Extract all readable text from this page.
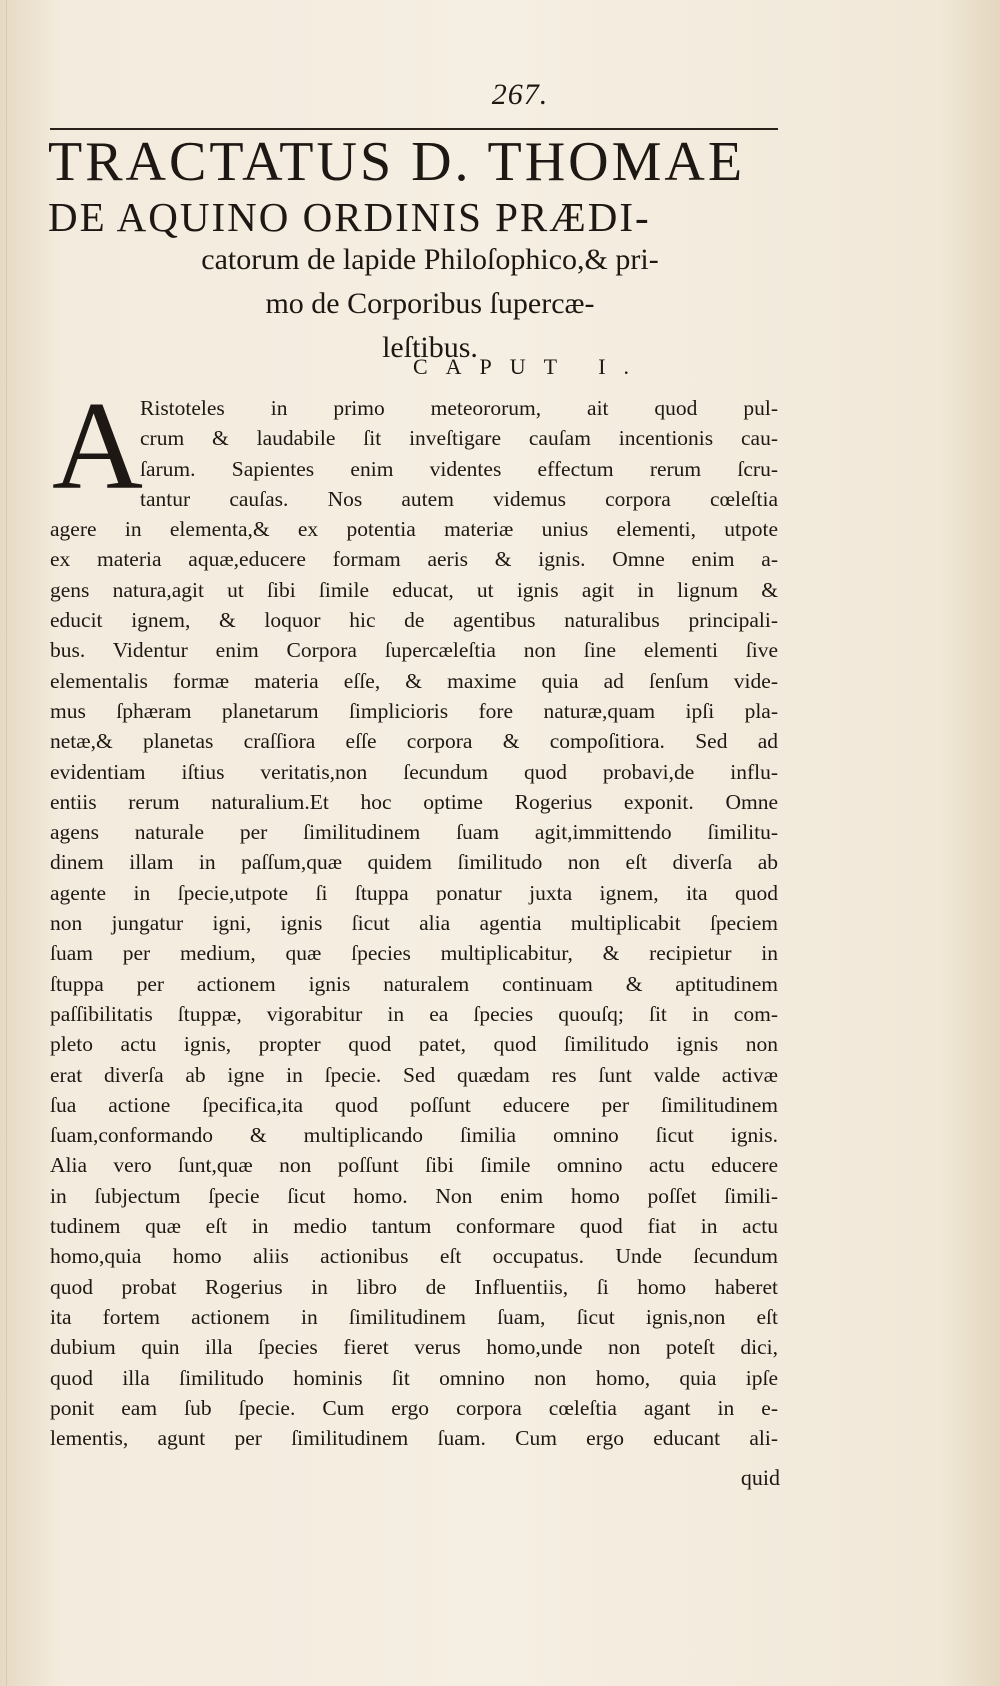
267.
TRACTATUS D. THOMAE
DE AQUINO ORDINIS PRÆDI-
catorum de lapide Philoſophico,& pri-
mo de Corporibus ſupercæ-
leſtibus.
CAPUT I.
A
Ristoteles in primo meteororum, ait quod pul-
crum & laudabile ſit inveſtigare cauſam incentionis cau-
ſarum. Sapientes enim videntes effectum rerum ſcru-
tantur cauſas. Nos autem videmus corpora cœleſtia
agere in elementa,& ex potentia materiæ unius elementi, utpote
ex materia aquæ,educere formam aeris & ignis. Omne enim a-
gens natura,agit ut ſibi ſimile educat, ut ignis agit in lignum &
educit ignem, & loquor hic de agentibus naturalibus principali-
bus. Videntur enim Corpora ſupercæleſtia non ſine elementi ſive
elementalis formæ materia eſſe, & maxime quia ad ſenſum vide-
mus ſphæram planetarum ſimplicioris fore naturæ,quam ipſi pla-
netæ,& planetas craſſiora eſſe corpora & compoſitiora. Sed ad
evidentiam iſtius veritatis,non ſecundum quod probavi,de influ-
entiis rerum naturalium.Et hoc optime Rogerius exponit. Omne
agens naturale per ſimilitudinem ſuam agit,immittendo ſimilitu-
dinem illam in paſſum,quæ quidem ſimilitudo non eſt diverſa ab
agente in ſpecie,utpote ſi ſtuppa ponatur juxta ignem, ita quod
non jungatur igni, ignis ſicut alia agentia multiplicabit ſpeciem
ſuam per medium, quæ ſpecies multiplicabitur, & recipietur in
ſtuppa per actionem ignis naturalem continuam & aptitudinem
paſſibilitatis ſtuppæ, vigorabitur in ea ſpecies quouſq; ſit in com-
pleto actu ignis, propter quod patet, quod ſimilitudo ignis non
erat diverſa ab igne in ſpecie. Sed quædam res ſunt valde activæ
ſua actione ſpecifica,ita quod poſſunt educere per ſimilitudinem
ſuam,conformando & multiplicando ſimilia omnino ſicut ignis.
Alia vero ſunt,quæ non poſſunt ſibi ſimile omnino actu educere
in ſubjectum ſpecie ſicut homo. Non enim homo poſſet ſimili-
tudinem quæ eſt in medio tantum conformare quod fiat in actu
homo,quia homo aliis actionibus eſt occupatus. Unde ſecundum
quod probat Rogerius in libro de Influentiis, ſi homo haberet
ita fortem actionem in ſimilitudinem ſuam, ſicut ignis,non eſt
dubium quin illa ſpecies fieret verus homo,unde non poteſt dici,
quod illa ſimilitudo hominis ſit omnino non homo, quia ipſe
ponit eam ſub ſpecie. Cum ergo corpora cœleſtia agant in e-
lementis, agunt per ſimilitudinem ſuam. Cum ergo educant ali-
quid
